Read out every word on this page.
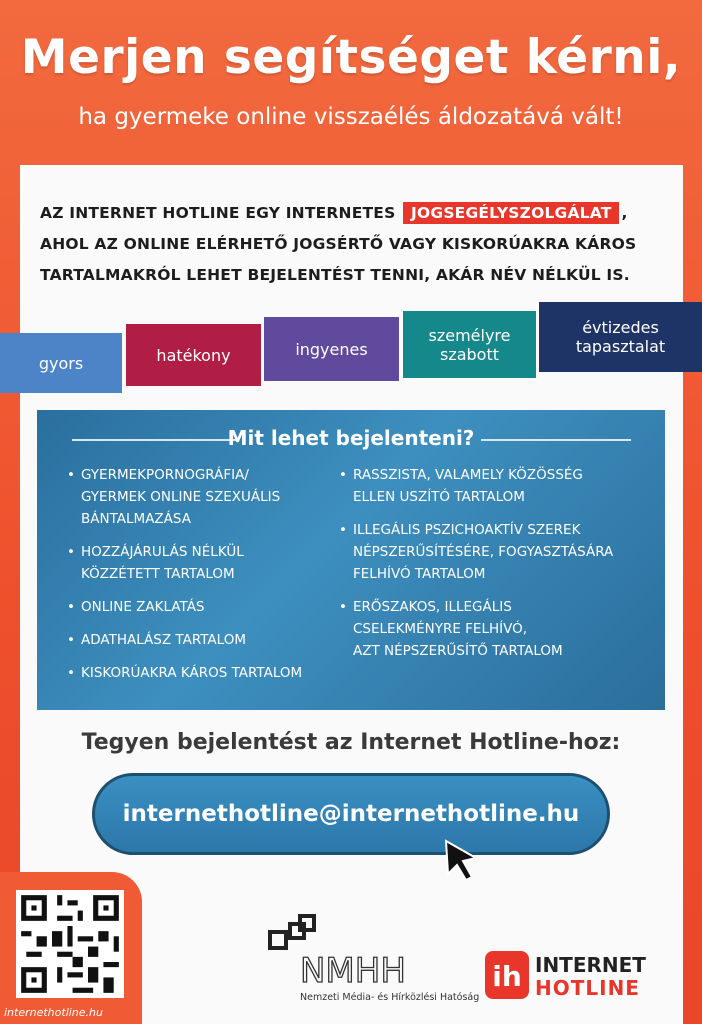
Merjen segítséget kérni,
ha gyermeke online visszaélés áldozatává vált!
AZ INTERNET HOTLINE EGY INTERNETES JOGSEGÉLYSZOLGÁLAT ,
AHOL AZ ONLINE ELÉRHETŐ JOGSÉRTŐ VAGY KISKORÚAKRA KÁROS
TARTALMAKRÓL LEHET BEJELENTÉST TENNI, AKÁR NÉV NÉLKÜL IS.
gyors	hatékony	ingyenes
személyre
szabott
évtizedes
tapasztalat
Mit lehet bejelenteni?
• GYERMEKPORNOGRÁFIA/
GYERMEK ONLINE SZEXUÁLIS
BÁNTALMAZÁSA
• HOZZÁJÁRULÁS NÉLKÜL
KÖZZÉTETT TARTALOM
• ONLINE ZAKLATÁS
• ADATHALÁSZ TARTALOM
• KISKORÚAKRA KÁROS TARTALOM
• RASSZISTA, VALAMELY KÖZÖSSÉG
ELLEN USZÍTÓ TARTALOM
• ILLEGÁLIS PSZICHOAKTÍV SZEREK
NÉPSZERŰSÍTÉSÉRE, FOGYASZTÁSÁRA
FELHÍVÓ TARTALOM
• ERŐSZAKOS, ILLEGÁLIS
CSELEKMÉNYRE FELHÍVÓ,
AZT NÉPSZERŰSÍTŐ TARTALOM
Tegyen bejelentést az Internet Hotline-hoz:
internethotline@internethotline.hu
internethotline.hu
NMHH
Nemzeti Média- és Hírközlési Hatóság
ih INTERNET
HOTLINE
